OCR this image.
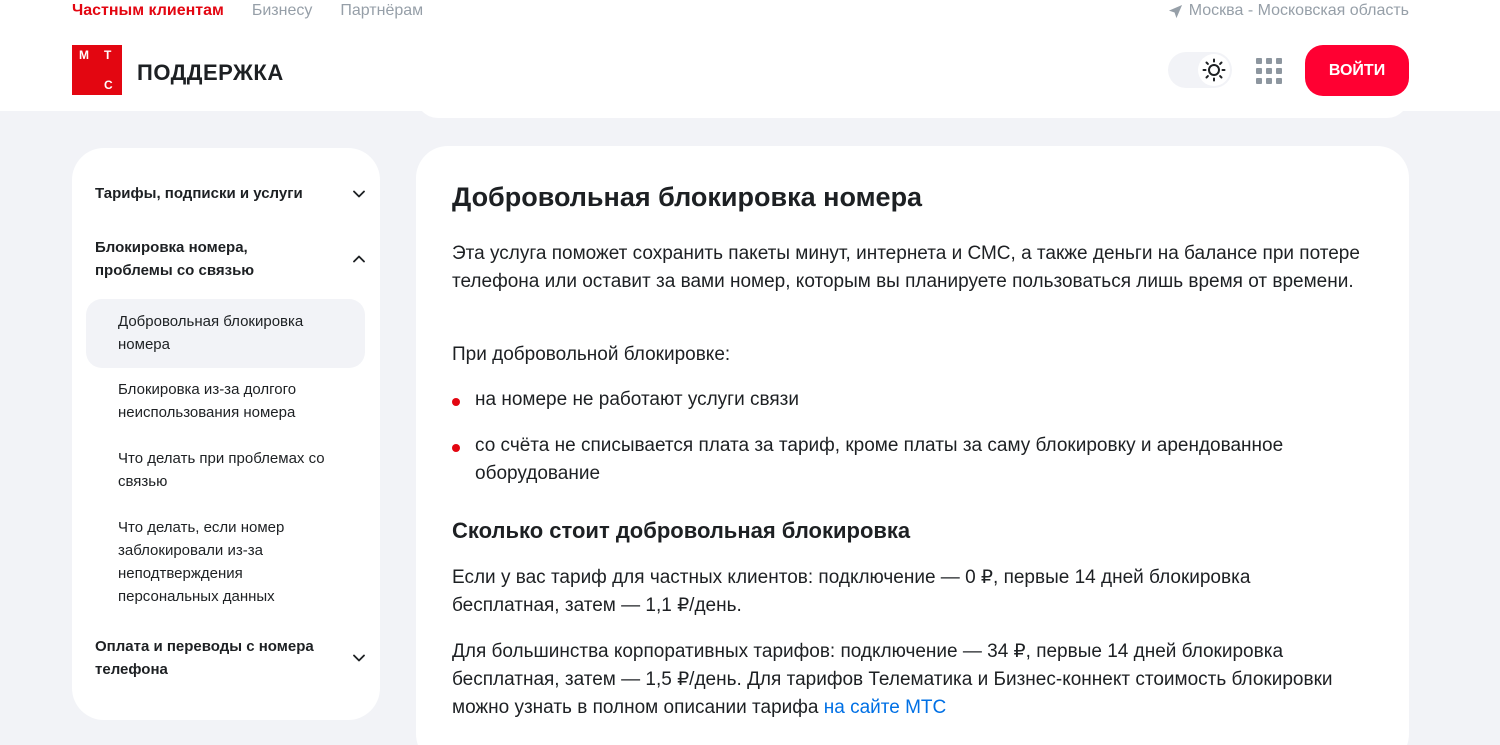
Частным клиентам Бизнесу Партнёрам	Москва - Московская область
М Т
С ПОДДЕРЖКА	ВОЙТИ
Тарифы, подписки и услуги
Блокировка номера, проблемы со связью
Добровольная блокировка номера
Блокировка из-за долгого неиспользования номера
Что делать при проблемах со связью
Что делать, если номер заблокировали из-за неподтверждения персональных данных
Оплата и переводы с номера телефона
Добровольная блокировка номера

Эта услуга поможет сохранить пакеты минут, интернета и СМС, а также деньги на балансе при потере телефона или оставит за вами номер, которым вы планируете пользоваться лишь время от времени.

При добровольной блокировке:

на номере не работают услуги связи
со счёта не списывается плата за тариф, кроме платы за саму блокировку и арендованное оборудование
Сколько стоит добровольная блокировка

Если у вас тариф для частных клиентов: подключение — 0 ₽, первые 14 дней блокировка бесплатная, затем — 1,1 ₽/день.

Для большинства корпоративных тарифов: подключение — 34 ₽, первые 14 дней блокировка бесплатная, затем — 1,5 ₽/день. Для тарифов Телематика и Бизнес-коннект стоимость блокировки можно узнать в полном описании тарифа на сайте МТС
